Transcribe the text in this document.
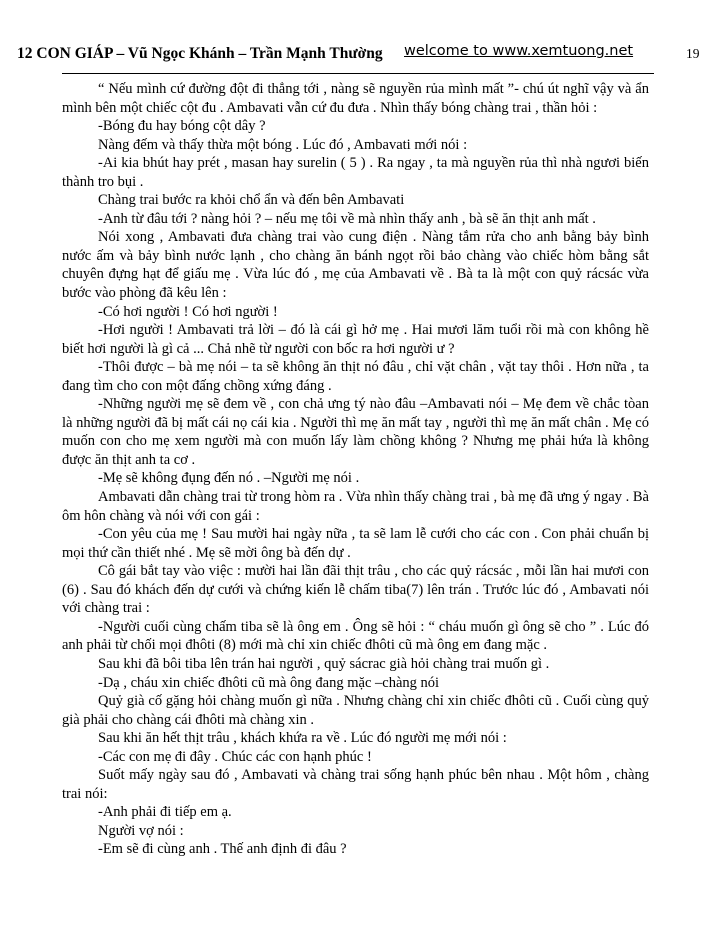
12 CON GIÁP – Vũ Ngọc Khánh – Trần Mạnh Thường welcome to www.xemtuong.net	19

“ Nếu mình cứ đường đột đi thẳng tới , nàng sẽ nguyền rủa mình mất ”- chú út nghĩ vậy và ẩn mình bên một chiếc cột đu . Ambavati vẫn cứ đu đưa . Nhìn thấy bóng chàng trai , thần hỏi :

-Bóng đu hay bóng cột dây ?

Nàng đếm và thấy thừa một bóng . Lúc đó , Ambavati mới nói :

-Ai kia bhút hay prét , masan hay surelin ( 5 ) . Ra ngay , ta mà nguyền rủa thì nhà ngươi biến thành tro bụi .

Chàng trai bước ra khỏi chổ ẩn và đến bên Ambavati

-Anh từ đâu tới ? nàng hỏi ? – nếu mẹ tôi về mà nhìn thấy anh , bà sẽ ăn thịt anh mất .

Nói xong , Ambavati đưa chàng trai vào cung điện . Nàng tắm rửa cho anh bằng bảy bình nước ấm và bảy bình nước lạnh , cho chàng ăn bánh ngọt rồi bảo chàng vào chiếc hòm bằng sắt chuyên đựng hạt để giấu mẹ . Vừa lúc đó , mẹ của Ambavati về . Bà ta là một con quỷ rácsác vừa bước vào phòng đã kêu lên :

-Có hơi người ! Có hơi người !

-Hơi người ! Ambavati trả lời – đó là cái gì hở mẹ . Hai mươi lăm tuổi rồi mà con không hề biết hơi người là gì cả ... Chả nhẽ từ người con bốc ra hơi người ư ?

-Thôi được – bà mẹ nói – ta sẽ không ăn thịt nó đâu , chỉ vặt chân , vặt tay thôi . Hơn nữa , ta đang tìm cho con một đấng chồng xứng đáng .

-Những người mẹ sẽ đem về , con chả ưng tý nào đâu –Ambavati nói – Mẹ đem về chắc tòan là những người đã bị mất cái nọ cái kia . Người thì mẹ ăn mất tay , người thì mẹ ăn mất chân . Mẹ có muốn con cho mẹ xem người mà con muốn lấy làm chồng không ? Nhưng mẹ phải hứa là không được ăn thịt anh ta cơ .

-Mẹ sẽ không đụng đến nó . –Người mẹ nói .

Ambavati dẫn chàng trai từ trong hòm ra . Vừa nhìn thấy chàng trai , bà mẹ đã ưng ý ngay . Bà ôm hôn chàng và nói với con gái :

-Con yêu của mẹ ! Sau mười hai ngày nữa , ta sẽ lam lễ cưới cho các con . Con phải chuẩn bị mọi thứ cần thiết nhé . Mẹ sẽ mời ông bà đến dự .

Cô gái bắt tay vào việc : mười hai lần đãi thịt trâu , cho các quỷ rácsác , mỗi lần hai mươi con (6) . Sau đó khách đến dự cưới và chứng kiến lễ chấm tiba(7) lên trán . Trước lúc đó , Ambavati nói với chàng trai :

-Người cuối cùng chấm tiba sẽ là ông em . Ông sẽ hỏi : “ cháu muốn gì ông sẽ cho ” . Lúc đó anh phải từ chối mọi đhôti (8) mới mà chỉ xin chiếc đhôti cũ mà ông em đang mặc .

Sau khi đã bôi tiba lên trán hai người , quỷ sácrac già hỏi chàng trai muốn gì .

-Dạ , cháu xin chiếc đhôti cũ mà ông đang mặc –chàng nói

Quỷ già cố gặng hỏi chàng muốn gì nữa . Nhưng chàng chỉ xin chiếc đhôti cũ . Cuối cùng quỷ già phải cho chàng cái đhôti mà chàng xin .

Sau khi ăn hết thịt trâu , khách khứa ra về . Lúc đó người mẹ mới nói :

-Các con mẹ đi đây . Chúc các con hạnh phúc !

Suốt mấy ngày sau đó , Ambavati và chàng trai sống hạnh phúc bên nhau . Một hôm , chàng trai nói:

-Anh phải đi tiếp em ạ.

Người vợ nói :

-Em sẽ đi cùng anh . Thế anh định đi đâu ?
